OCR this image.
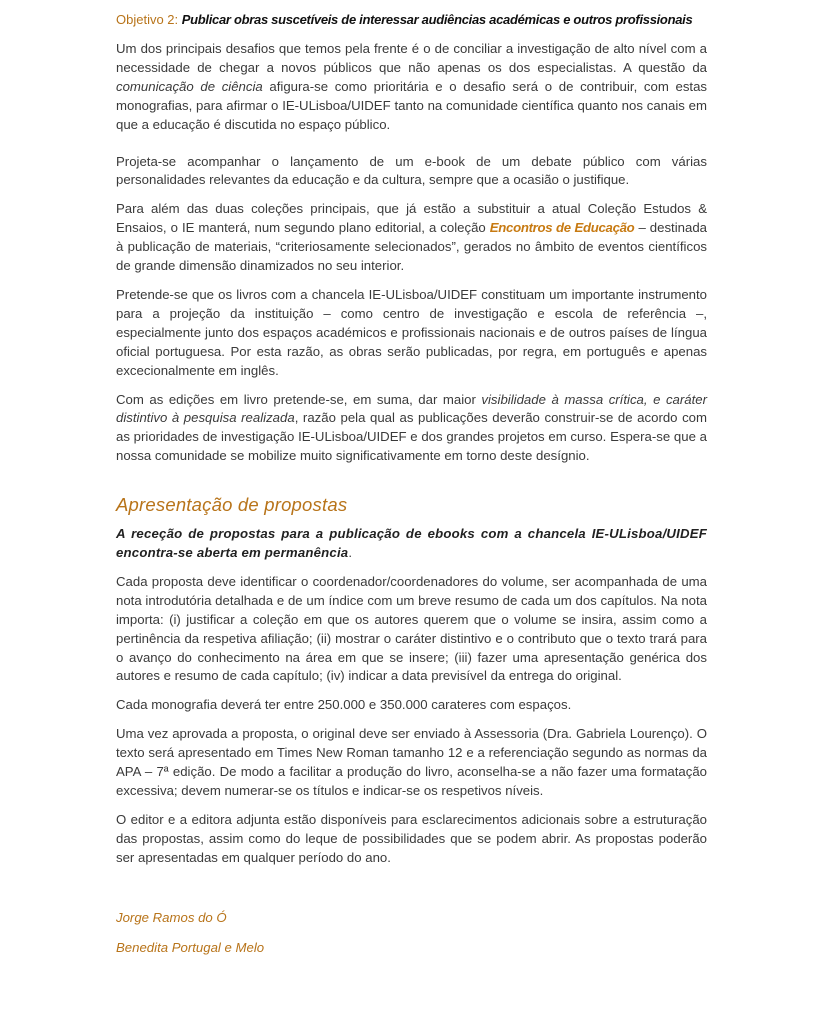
Objetivo 2: Publicar obras suscetíveis de interessar audiências académicas e outros profissionais

Um dos principais desafios que temos pela frente é o de conciliar a investigação de alto nível com a necessidade de chegar a novos públicos que não apenas os dos especialistas. A questão da comunicação de ciência afigura-se como prioritária e o desafio será o de contribuir, com estas monografias, para afirmar o IE-ULisboa/UIDEF tanto na comunidade científica quanto nos canais em que a educação é discutida no espaço público.

Projeta-se acompanhar o lançamento de um e-book de um debate público com várias personalidades relevantes da educação e da cultura, sempre que a ocasião o justifique.

Para além das duas coleções principais, que já estão a substituir a atual Coleção Estudos & Ensaios, o IE manterá, num segundo plano editorial, a coleção Encontros de Educação – destinada à publicação de materiais, “criteriosamente selecionados”, gerados no âmbito de eventos científicos de grande dimensão dinamizados no seu interior.

Pretende-se que os livros com a chancela IE-ULisboa/UIDEF constituam um importante instrumento para a projeção da instituição – como centro de investigação e escola de referência –, especialmente junto dos espaços académicos e profissionais nacionais e de outros países de língua oficial portuguesa. Por esta razão, as obras serão publicadas, por regra, em português e apenas excecionalmente em inglês.

Com as edições em livro pretende-se, em suma, dar maior visibilidade à massa crítica, e caráter distintivo à pesquisa realizada, razão pela qual as publicações deverão construir-se de acordo com as prioridades de investigação IE-ULisboa/UIDEF e dos grandes projetos em curso. Espera-se que a nossa comunidade se mobilize muito significativamente em torno deste desígnio.

Apresentação de propostas

A receção de propostas para a publicação de ebooks com a chancela IE-ULisboa/UIDEF encontra-se aberta em permanência.

Cada proposta deve identificar o coordenador/coordenadores do volume, ser acompanhada de uma nota introdutória detalhada e de um índice com um breve resumo de cada um dos capítulos. Na nota importa: (i) justificar a coleção em que os autores querem que o volume se insira, assim como a pertinência da respetiva afiliação; (ii) mostrar o caráter distintivo e o contributo que o texto trará para o avanço do conhecimento na área em que se insere; (iii) fazer uma apresentação genérica dos autores e resumo de cada capítulo; (iv) indicar a data previsível da entrega do original.

Cada monografia deverá ter entre 250.000 e 350.000 carateres com espaços.

Uma vez aprovada a proposta, o original deve ser enviado à Assessoria (Dra. Gabriela Lourenço). O texto será apresentado em Times New Roman tamanho 12 e a referenciação segundo as normas da APA – 7ª edição. De modo a facilitar a produção do livro, aconselha-se a não fazer uma formatação excessiva; devem numerar-se os títulos e indicar-se os respetivos níveis.

O editor e a editora adjunta estão disponíveis para esclarecimentos adicionais sobre a estruturação das propostas, assim como do leque de possibilidades que se podem abrir. As propostas poderão ser apresentadas em qualquer período do ano.

Jorge Ramos do Ó

Benedita Portugal e Melo
